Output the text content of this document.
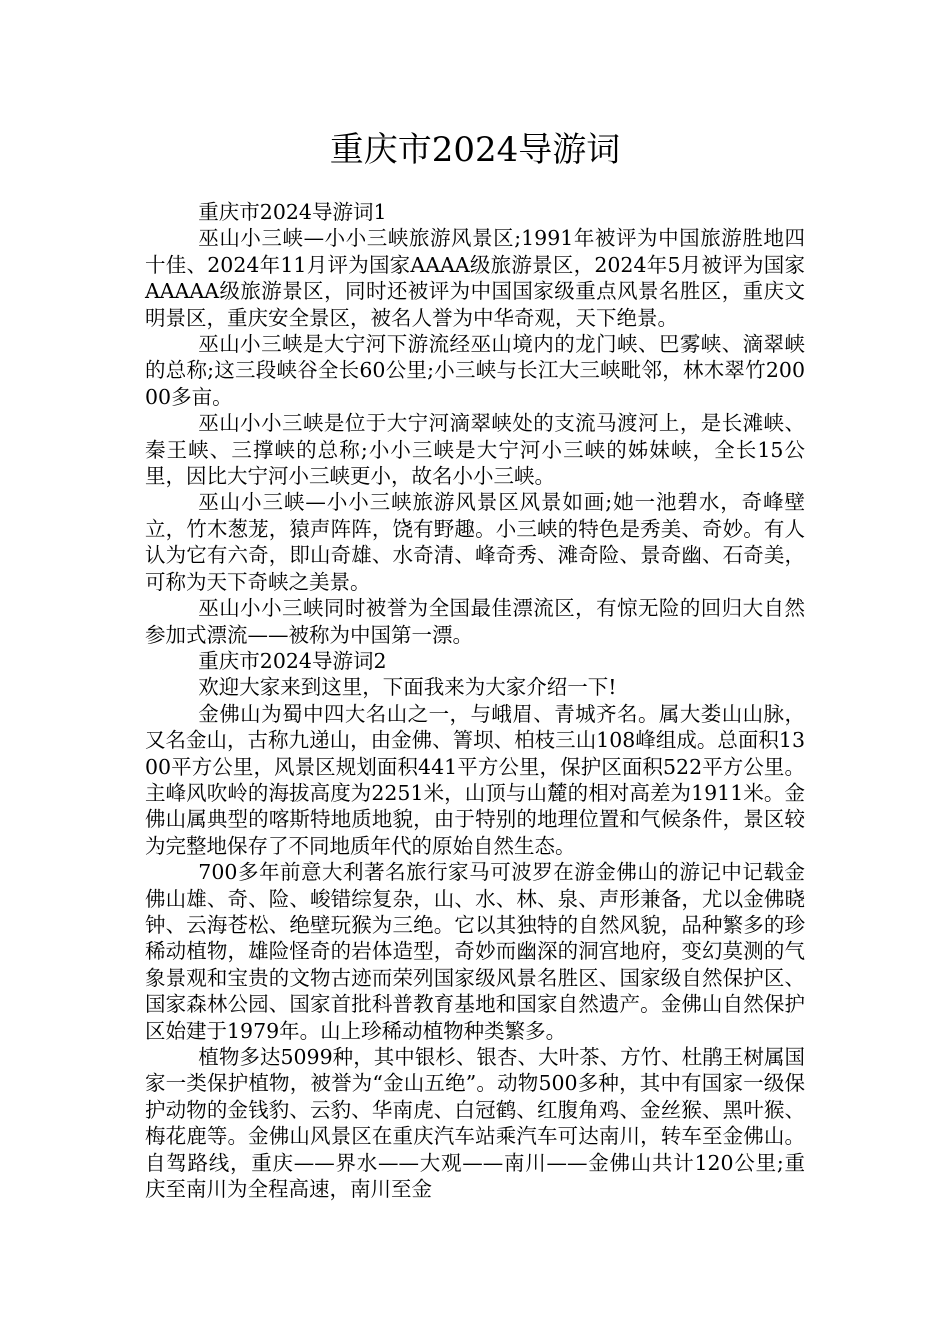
重庆市2024导游词

重庆市2024导游词1

巫山小三峡—小小三峡旅游风景区;1991年被评为中国旅游胜地四十佳、2024年11月评为国家AAAA级旅游景区，2024年5月被评为国家AAAAA级旅游景区，同时还被评为中国国家级重点风景名胜区，重庆文明景区，重庆安全景区，被名人誉为中华奇观，天下绝景。

巫山小三峡是大宁河下游流经巫山境内的龙门峡、巴雾峡、滴翠峡的总称;这三段峡谷全长60公里;小三峡与长江大三峡毗邻，林木翠竹20000多亩。

巫山小小三峡是位于大宁河滴翠峡处的支流马渡河上，是长滩峡、秦王峡、三撑峡的总称;小小三峡是大宁河小三峡的姊妹峡，全长15公里，因比大宁河小三峡更小，故名小小三峡。

巫山小三峡—小小三峡旅游风景区风景如画;她一池碧水，奇峰壁立，竹木葱茏，猿声阵阵，饶有野趣。小三峡的特色是秀美、奇妙。有人认为它有六奇，即山奇雄、水奇清、峰奇秀、滩奇险、景奇幽、石奇美，可称为天下奇峡之美景。

巫山小小三峡同时被誉为全国最佳漂流区，有惊无险的回归大自然参加式漂流——被称为中国第一漂。

重庆市2024导游词2

欢迎大家来到这里，下面我来为大家介绍一下!

金佛山为蜀中四大名山之一，与峨眉、青城齐名。属大娄山山脉，又名金山，古称九递山，由金佛、箐坝、柏枝三山108峰组成。总面积1300平方公里，风景区规划面积441平方公里，保护区面积522平方公里。主峰风吹岭的海拔高度为2251米，山顶与山麓的相对高差为1911米。金佛山属典型的喀斯特地质地貌，由于特别的地理位置和气候条件，景区较为完整地保存了不同地质年代的原始自然生态。

700多年前意大利著名旅行家马可波罗在游金佛山的游记中记载金佛山雄、奇、险、峻错综复杂，山、水、林、泉、声形兼备，尤以金佛晓钟、云海苍松、绝壁玩猴为三绝。它以其独特的自然风貌，品种繁多的珍稀动植物，雄险怪奇的岩体造型，奇妙而幽深的洞宫地府，变幻莫测的气象景观和宝贵的文物古迹而荣列国家级风景名胜区、国家级自然保护区、国家森林公园、国家首批科普教育基地和国家自然遗产。金佛山自然保护区始建于1979年。山上珍稀动植物种类繁多。

植物多达5099种，其中银杉、银杏、大叶茶、方竹、杜鹃王树属国家一类保护植物，被誉为“金山五绝”。动物500多种，其中有国家一级保护动物的金钱豹、云豹、华南虎、白冠鹤、红腹角鸡、金丝猴、黑叶猴、梅花鹿等。金佛山风景区在重庆汽车站乘汽车可达南川，转车至金佛山。自驾路线，重庆——界水——大观——南川——金佛山共计120公里;重庆至南川为全程高速，南川至金
